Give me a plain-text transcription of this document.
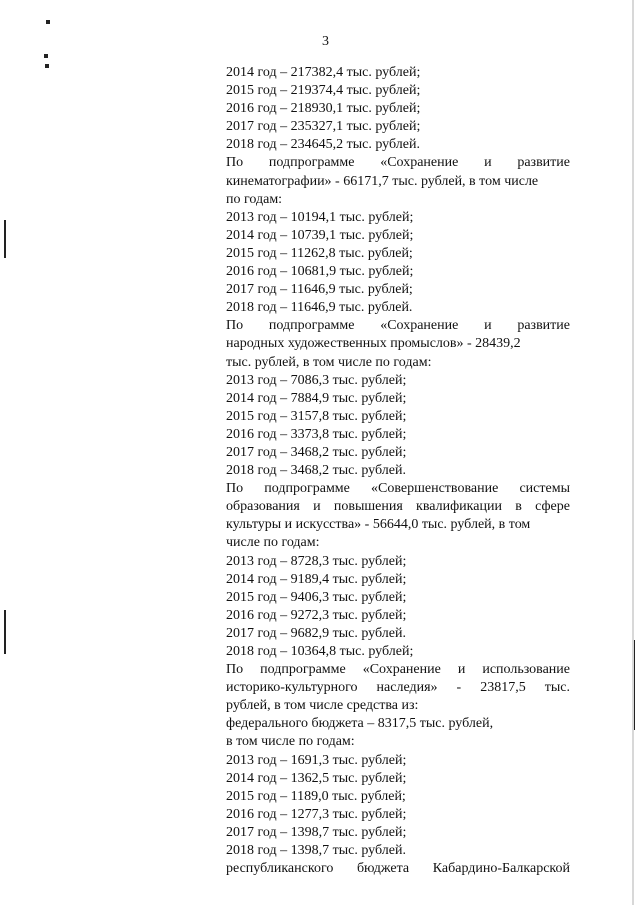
3
2014 год – 217382,4 тыс. рублей;
2015 год – 219374,4 тыс. рублей;
2016 год – 218930,1 тыс. рублей;
2017 год – 235327,1 тыс. рублей;
2018 год – 234645,2 тыс. рублей.
По подпрограмме «Сохранение и развитие
кинематографии» - 66171,7 тыс. рублей, в том числе
по годам:
2013 год – 10194,1 тыс. рублей;
2014 год – 10739,1 тыс. рублей;
2015 год – 11262,8 тыс. рублей;
2016 год – 10681,9 тыс. рублей;
2017 год – 11646,9 тыс. рублей;
2018 год – 11646,9 тыс. рублей.
По подпрограмме «Сохранение и развитие
народных художественных промыслов» - 28439,2
тыс. рублей, в том числе по годам:
2013 год – 7086,3 тыс. рублей;
2014 год – 7884,9 тыс. рублей;
2015 год – 3157,8 тыс. рублей;
2016 год – 3373,8 тыс. рублей;
2017 год – 3468,2 тыс. рублей;
2018 год – 3468,2 тыс. рублей.
По подпрограмме «Совершенствование системы
образования и повышения квалификации в сфере
культуры и искусства» - 56644,0 тыс. рублей, в том
числе по годам:
2013 год – 8728,3 тыс. рублей;
2014 год – 9189,4 тыс. рублей;
2015 год – 9406,3 тыс. рублей;
2016 год – 9272,3 тыс. рублей;
2017 год – 9682,9 тыс. рублей.
2018 год – 10364,8 тыс. рублей;
По подпрограмме «Сохранение и использование
историко-культурного наследия» - 23817,5 тыс.
рублей, в том числе средства из:
федерального бюджета – 8317,5 тыс. рублей,
в том числе по годам:
2013 год – 1691,3 тыс. рублей;
2014 год – 1362,5 тыс. рублей;
2015 год – 1189,0 тыс. рублей;
2016 год – 1277,3 тыс. рублей;
2017 год – 1398,7 тыс. рублей;
2018 год – 1398,7 тыс. рублей.
республиканского бюджета Кабардино-Балкарской
